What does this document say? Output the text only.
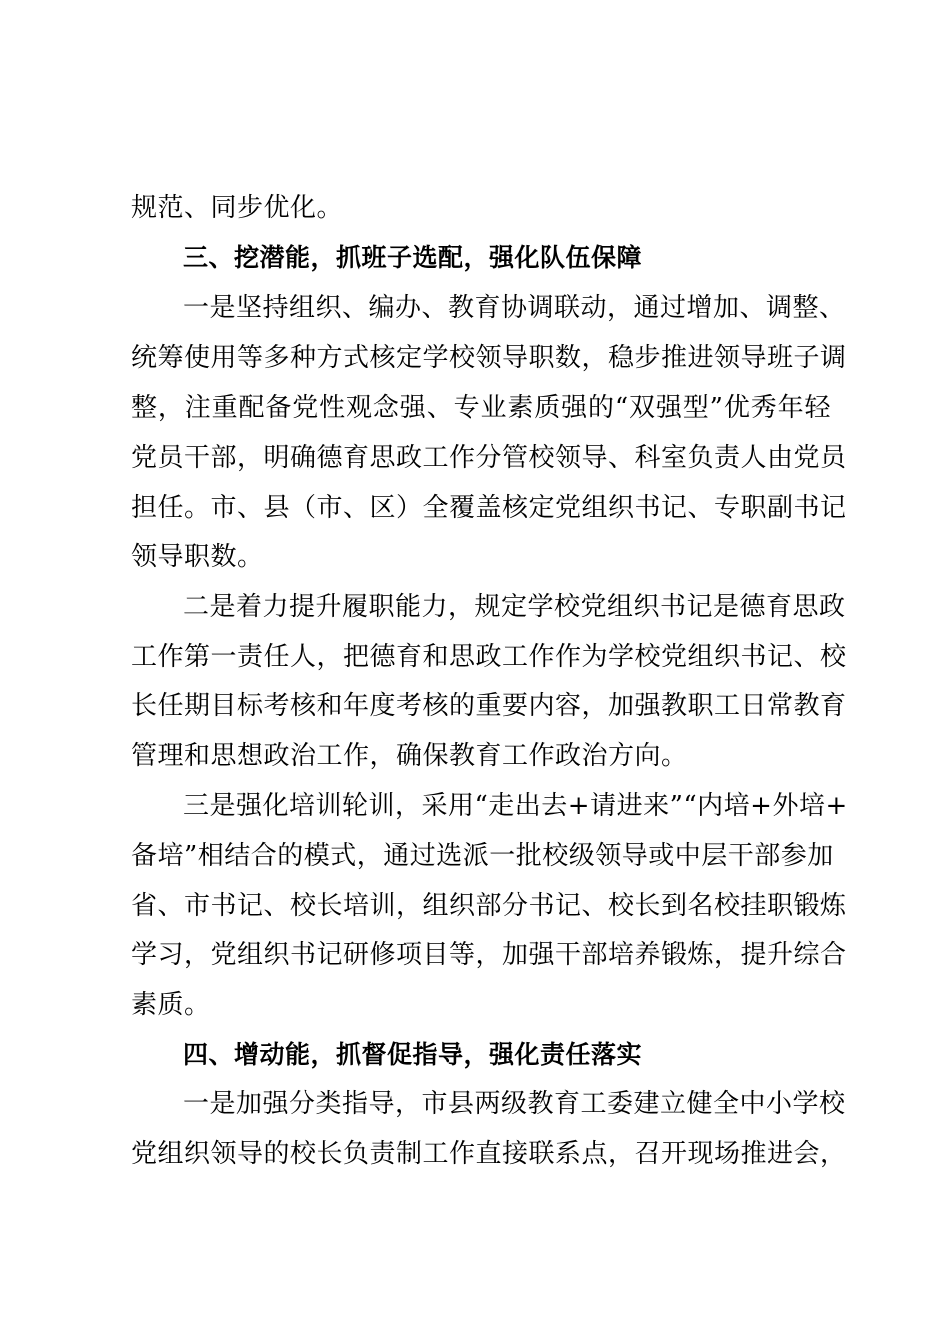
规范、同步优化。
三、挖潜能，抓班子选配，强化队伍保障
一是坚持组织、编办、教育协调联动，通过增加、调整、
统筹使用等多种方式核定学校领导职数，稳步推进领导班子调
整，注重配备党性观念强、专业素质强的“双强型”优秀年轻
党员干部，明确德育思政工作分管校领导、科室负责人由党员
担任。市、县（市、区）全覆盖核定党组织书记、专职副书记
领导职数。
二是着力提升履职能力，规定学校党组织书记是德育思政
工作第一责任人，把德育和思政工作作为学校党组织书记、校
长任期目标考核和年度考核的重要内容，加强教职工日常教育
管理和思想政治工作，确保教育工作政治方向。
三是强化培训轮训，采用“走出去+请进来”“内培+外培+
备培”相结合的模式，通过选派一批校级领导或中层干部参加
省、市书记、校长培训，组织部分书记、校长到名校挂职锻炼
学习，党组织书记研修项目等，加强干部培养锻炼，提升综合
素质。
四、增动能，抓督促指导，强化责任落实
一是加强分类指导，市县两级教育工委建立健全中小学校
党组织领导的校长负责制工作直接联系点，召开现场推进会，
